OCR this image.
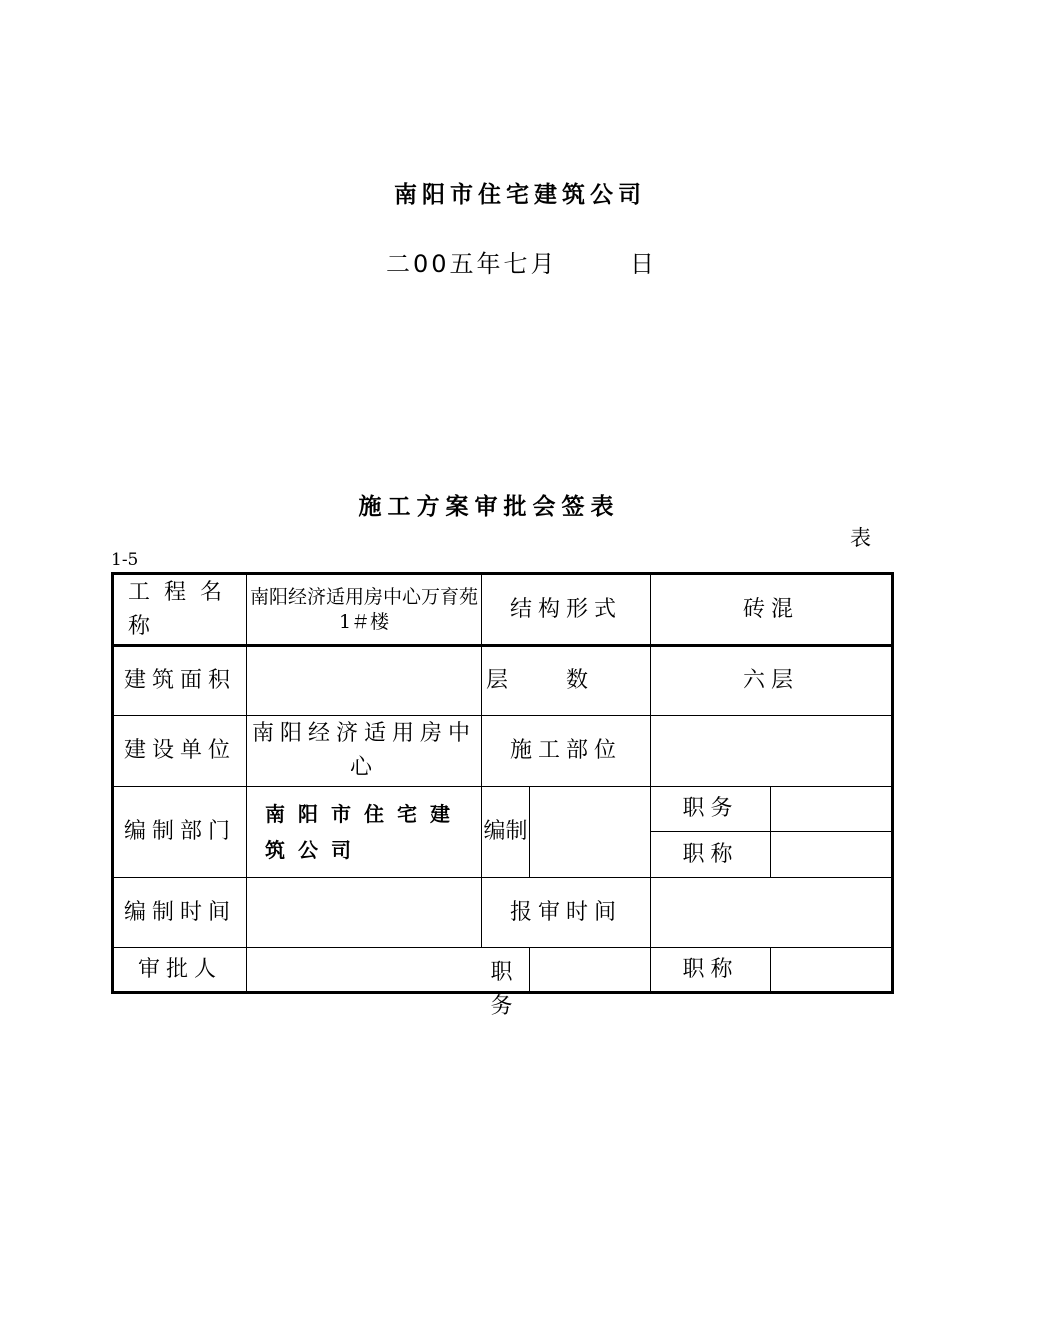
南阳市住宅建筑公司
二00五年七月	日
施工方案审批会签表
表
1-5
工程名称	南阳经济适用房中心万育苑1＃楼	结构形式		砖混	
建筑面积		层数		六层	
建设单位	南阳经济适用房中心	施工部位			
编制部门	南阳市住宅建筑公司	编制		职务	
				职称	
编制时间		报审时间			
审批人	职务			职称	
